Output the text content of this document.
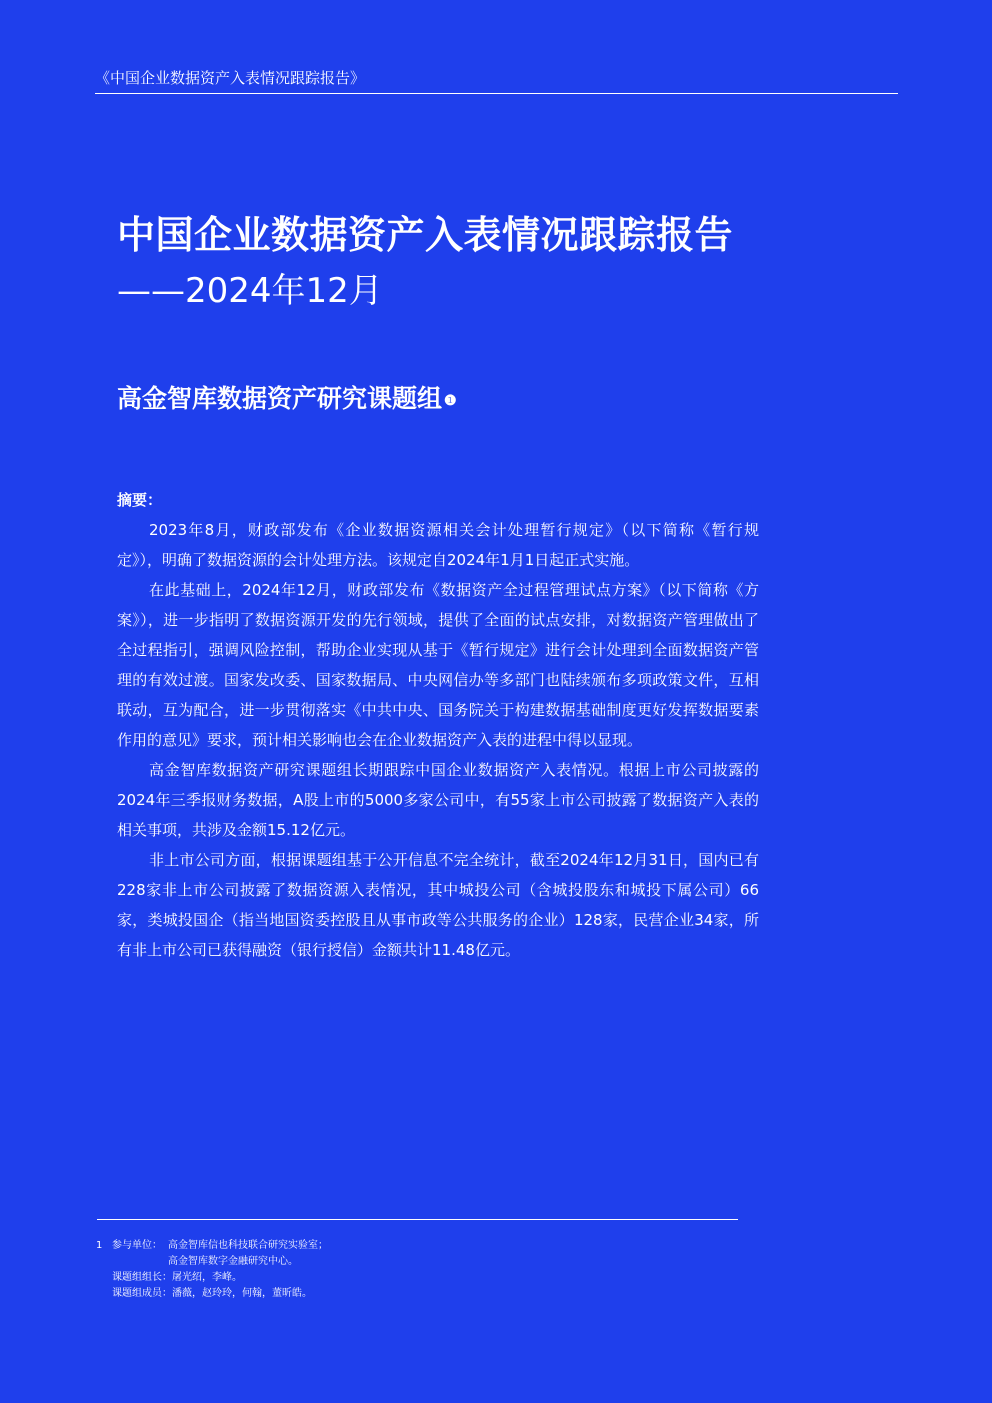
《中国企业数据资产入表情况跟踪报告》
中国企业数据资产入表情况跟踪报告
——2024年12月
高金智库数据资产研究课题组 $^❶$
摘要：

2023年8月，财政部发布《企业数据资源相关会计处理暂行规定》（以下简称《暂行规定》），明确了数据资源的会计处理方法。该规定自2024年1月1日起正式实施。

在此基础上，2024年12月，财政部发布《数据资产全过程管理试点方案》（以下简称《方案》），进一步指明了数据资源开发的先行领域，提供了全面的试点安排，对数据资产管理做出了全过程指引，强调风险控制，帮助企业实现从基于《暂行规定》进行会计处理到全面数据资产管理的有效过渡。国家发改委、国家数据局、中央网信办等多部门也陆续颁布多项政策文件，互相联动，互为配合，进一步贯彻落实《中共中央、国务院关于构建数据基础制度更好发挥数据要素作用的意见》要求，预计相关影响也会在企业数据资产入表的进程中得以显现。

高金智库数据资产研究课题组长期跟踪中国企业数据资产入表情况。根据上市公司披露的2024年三季报财务数据，A股上市的5000多家公司中，有55家上市公司披露了数据资产入表的相关事项，共涉及金额15.12亿元。

非上市公司方面，根据课题组基于公开信息不完全统计，截至2024年12月31日，国内已有228家非上市公司披露了数据资源入表情况，其中城投公司（含城投股东和城投下属公司）66家，类城投国企（指当地国资委控股且从事市政等公共服务的企业）128家，民营企业34家，所有非上市公司已获得融资（银行授信）金额共计11.48亿元。

1 参与单位： 高金智库信也科技联合研究实验室；
高金智库数字金融研究中心。
课题组组长：屠光绍，李峰。
课题组成员：潘薇，赵玲玲，何翰，董昕皓。
